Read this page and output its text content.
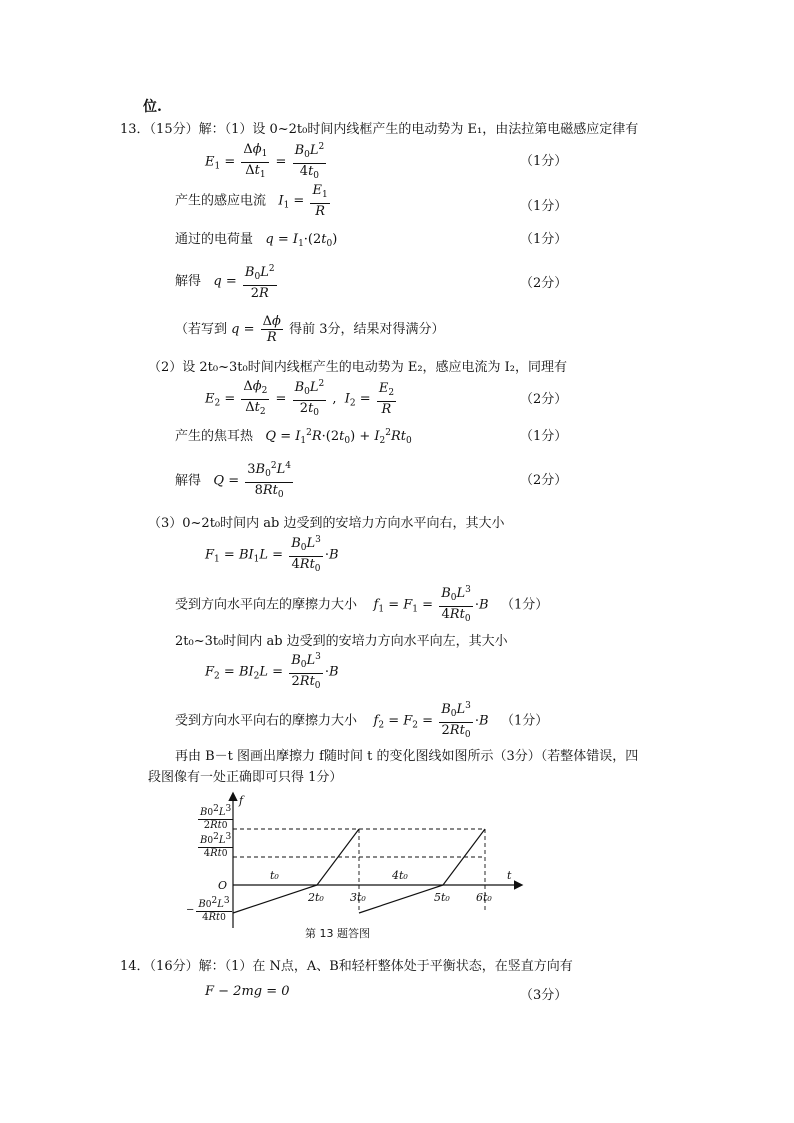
位.
13．（15分）解：（1）设 0~2t₀时间内线框产生的电动势为 E₁，由法拉第电磁感应定律有
$E_1 = \frac{\Delta\phi_1}{\Delta t_1} = \frac{B_0L^2}{4t_0}$	（1分）
产生的感应电流 $I_1 = \frac{E_1}{R}$	（1分）
通过的电荷量 $q = I_1\cdot(2t_0)$	（1分）
解得 $q = \frac{B_0L^2}{2R}$	（2分）
（若写到 $q = \frac{\Delta\phi}{R}$ 得前 3分，结果对得满分）
（2）设 2t₀~3t₀时间内线框产生的电动势为 E₂，感应电流为 I₂，同理有
$E_2 = \frac{\Delta\phi_2}{\Delta t_2} = \frac{B_0L^2}{2t_0}$ ,  $I_2 = \frac{E_2}{R}$	（2分）
产生的焦耳热 $Q = I_1^2R\cdot(2t_0) + I_2^2Rt_0$	（1分）
解得 $Q = \frac{3B_0^2L^4}{8Rt_0}$	（2分）
（3）0~2t₀时间内 ab 边受到的安培力方向水平向右，其大小
$F_1 = BI_1L = \frac{B_0L^3}{4Rt_0} \cdot B$
受到方向水平向左的摩擦力大小 $f_1 = F_1 = \frac{B_0L^3}{4Rt_0} \cdot B$ （1分）
2t₀~3t₀时间内 ab 边受到的安培力方向水平向左，其大小
$F_2 = BI_2L = \frac{B_0L^3}{2Rt_0} \cdot B$
受到方向水平向右的摩擦力大小 $f_2 = F_2 = \frac{B_0L^3}{2Rt_0} \cdot B$ （1分）
再由 B－t 图画出摩擦力 f随时间 t 的变化图线如图所示（3分）（若整体错误，四
段图像有一处正确即可只得 1分）
f
t
O
t₀
2t₀ 3t₀
4t₀
5t₀ 6t₀
$\frac{B02L3}{2Rt0}$
$\frac{B02L3}{4Rt0}$
− $\frac{B02L3}{4Rt0}$
第 13 题答图
14．（16分）解：（1）在 N点，A、B和轻杆整体处于平衡状态，在竖直方向有
F − 2mg = 0	（3分）
